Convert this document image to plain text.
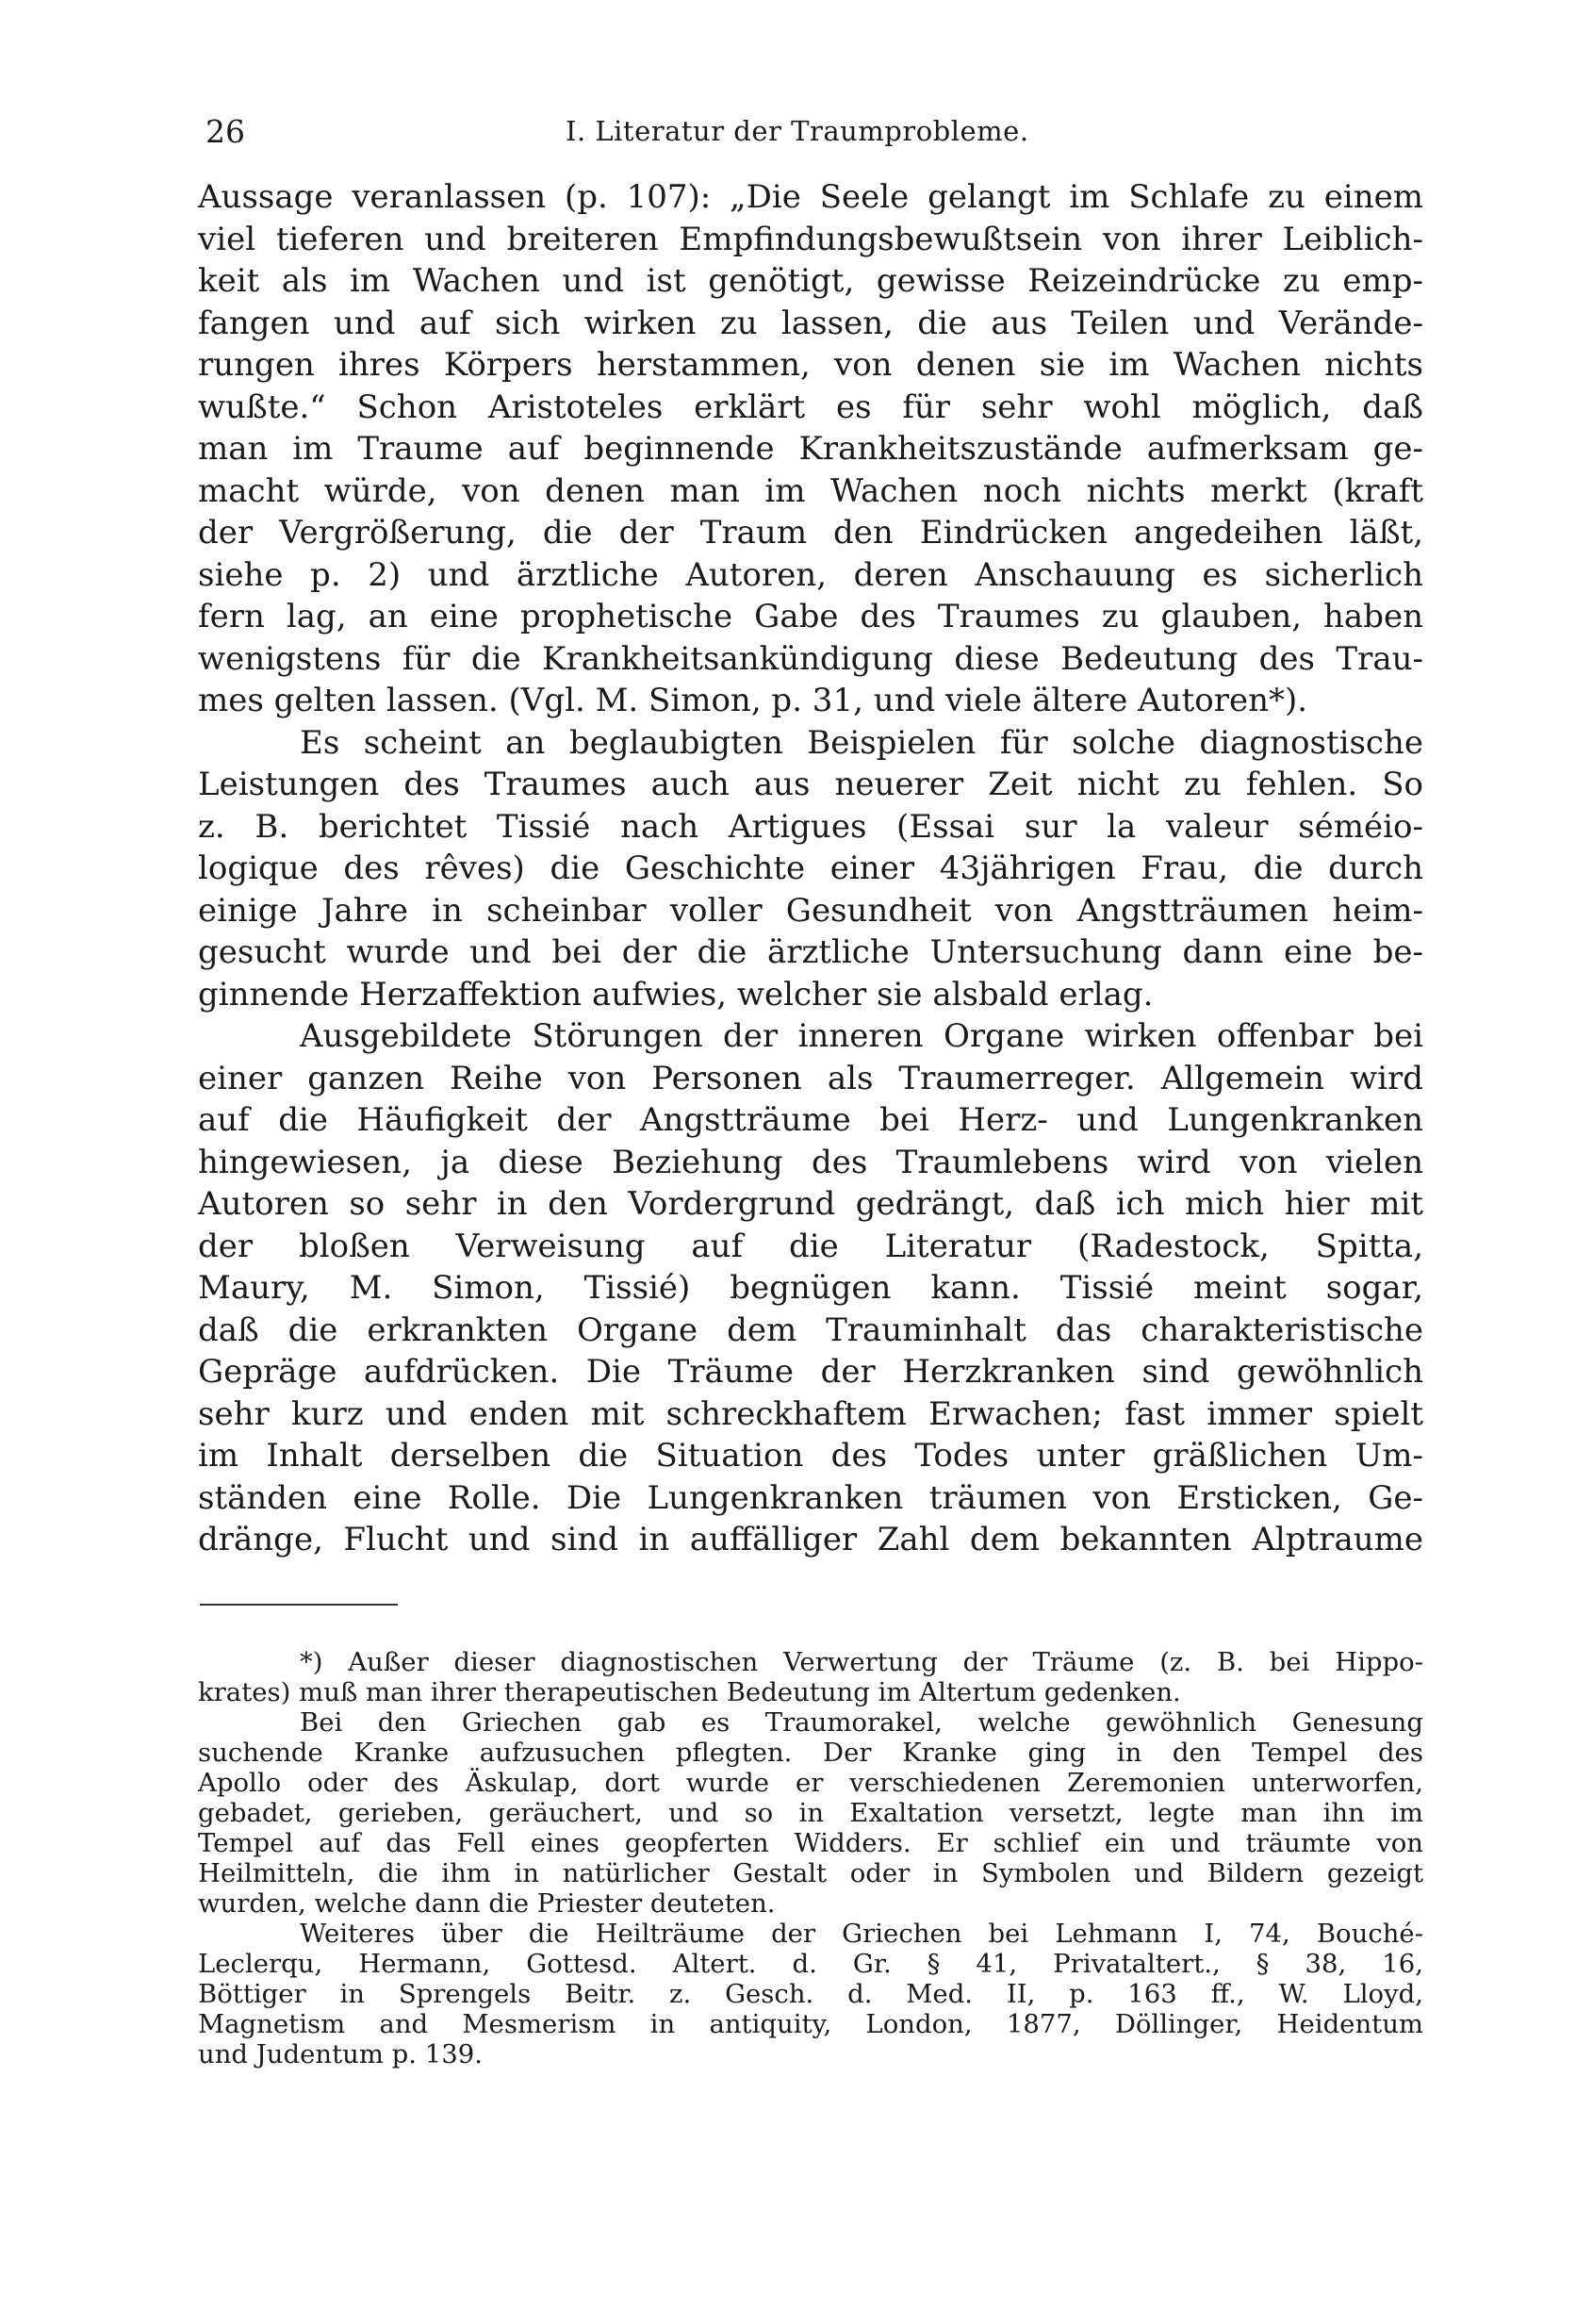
26	I. Literatur der Traumprobleme.
Aussage veranlassen (p. 107): „Die Seele gelangt im Schlafe zu einem
viel tieferen und breiteren Empfindungsbewußtsein von ihrer Leiblich-
keit als im Wachen und ist genötigt, gewisse Reizeindrücke zu emp-
fangen und auf sich wirken zu lassen, die aus Teilen und Verände-
rungen ihres Körpers herstammen, von denen sie im Wachen nichts
wußte.“ Schon Aristoteles erklärt es für sehr wohl möglich, daß
man im Traume auf beginnende Krankheitszustände aufmerksam ge-
macht würde, von denen man im Wachen noch nichts merkt (kraft
der Vergrößerung, die der Traum den Eindrücken angedeihen läßt,
siehe p. 2) und ärztliche Autoren, deren Anschauung es sicherlich
fern lag, an eine prophetische Gabe des Traumes zu glauben, haben
wenigstens für die Krankheitsankündigung diese Bedeutung des Trau-
mes gelten lassen. (Vgl. M. Simon, p. 31, und viele ältere Autoren*).
Es scheint an beglaubigten Beispielen für solche diagnostische
Leistungen des Traumes auch aus neuerer Zeit nicht zu fehlen. So
z. B. berichtet Tissié nach Artigues (Essai sur la valeur séméio-
logique des rêves) die Geschichte einer 43jährigen Frau, die durch
einige Jahre in scheinbar voller Gesundheit von Angstträumen heim-
gesucht wurde und bei der die ärztliche Untersuchung dann eine be-
ginnende Herzaffektion aufwies, welcher sie alsbald erlag.
Ausgebildete Störungen der inneren Organe wirken offenbar bei
einer ganzen Reihe von Personen als Traumerreger. Allgemein wird
auf die Häufigkeit der Angstträume bei Herz- und Lungenkranken
hingewiesen, ja diese Beziehung des Traumlebens wird von vielen
Autoren so sehr in den Vordergrund gedrängt, daß ich mich hier mit
der bloßen Verweisung auf die Literatur (Radestock, Spitta,
Maury, M. Simon, Tissié) begnügen kann. Tissié meint sogar,
daß die erkrankten Organe dem Trauminhalt das charakteristische
Gepräge aufdrücken. Die Träume der Herzkranken sind gewöhnlich
sehr kurz und enden mit schreckhaftem Erwachen; fast immer spielt
im Inhalt derselben die Situation des Todes unter gräßlichen Um-
ständen eine Rolle. Die Lungenkranken träumen von Ersticken, Ge-
dränge, Flucht und sind in auffälliger Zahl dem bekannten Alptraume
*) Außer dieser diagnostischen Verwertung der Träume (z. B. bei Hippo-
krates) muß man ihrer therapeutischen Bedeutung im Altertum gedenken.
Bei den Griechen gab es Traumorakel, welche gewöhnlich Genesung
suchende Kranke aufzusuchen pflegten. Der Kranke ging in den Tempel des
Apollo oder des Äskulap, dort wurde er verschiedenen Zeremonien unterworfen,
gebadet, gerieben, geräuchert, und so in Exaltation versetzt, legte man ihn im
Tempel auf das Fell eines geopferten Widders. Er schlief ein und träumte von
Heilmitteln, die ihm in natürlicher Gestalt oder in Symbolen und Bildern gezeigt
wurden, welche dann die Priester deuteten.
Weiteres über die Heilträume der Griechen bei Lehmann I, 74, Bouché-
Leclerqu, Hermann, Gottesd. Altert. d. Gr. § 41, Privataltert., § 38, 16,
Böttiger in Sprengels Beitr. z. Gesch. d. Med. II, p. 163 ff., W. Lloyd,
Magnetism and Mesmerism in antiquity, London, 1877, Döllinger, Heidentum
und Judentum p. 139.
